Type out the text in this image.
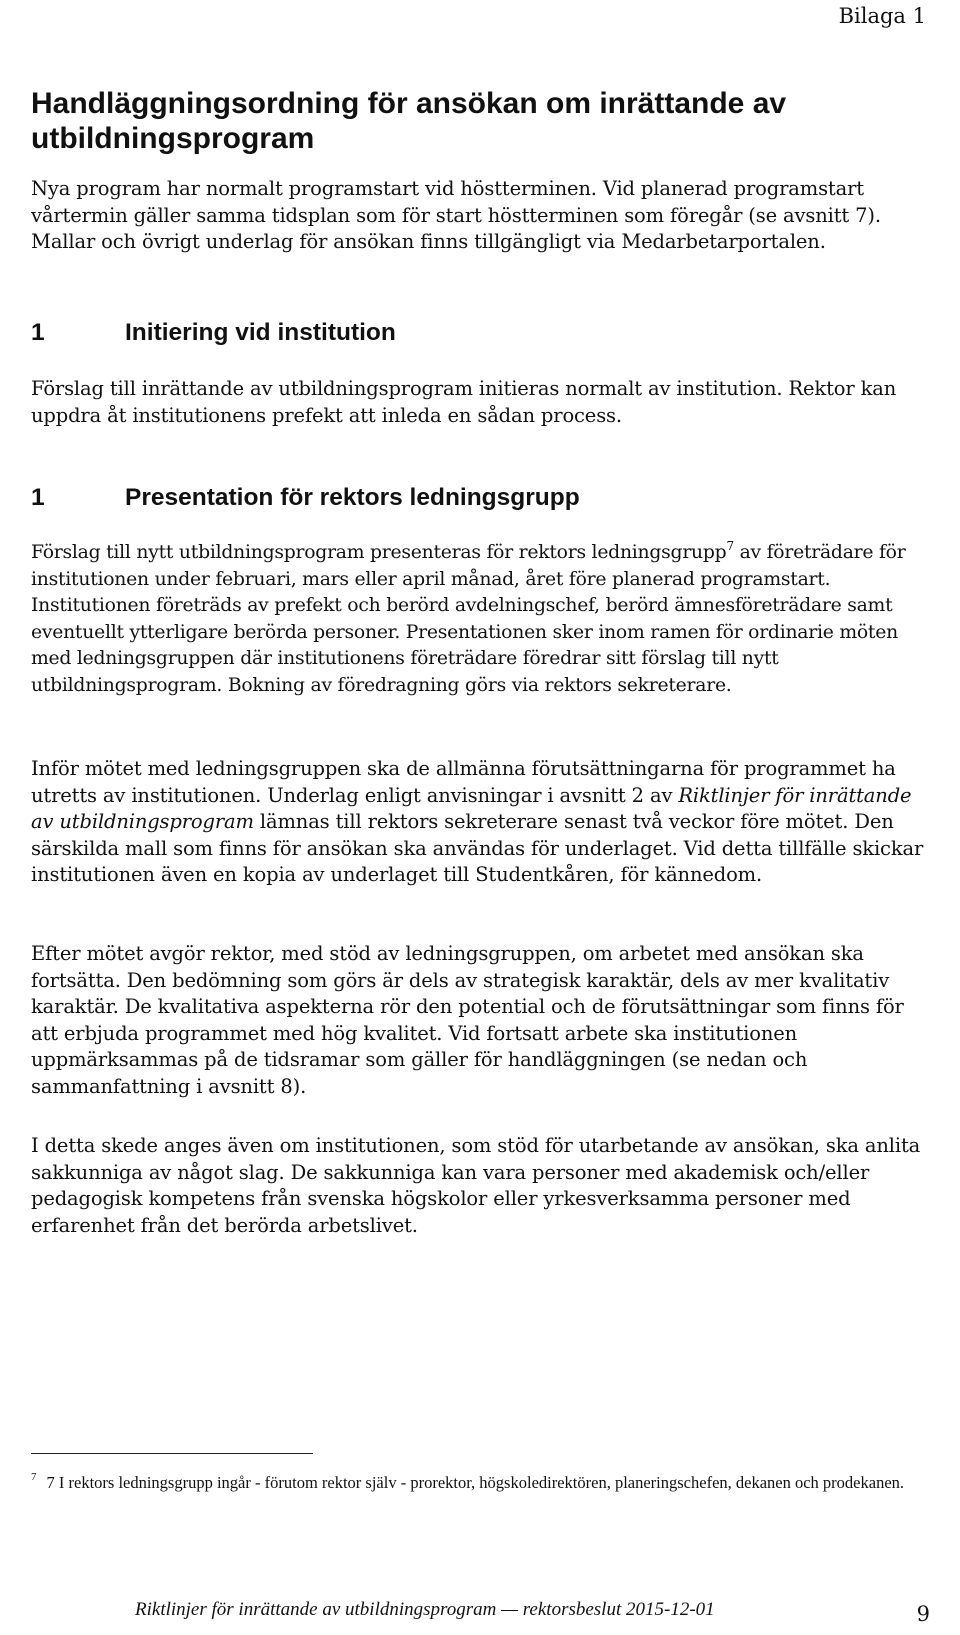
Bilaga 1
Handläggningsordning för ansökan om inrättande av utbildningsprogram

Nya program har normalt programstart vid höstterminen. Vid planerad programstart vårtermin gäller samma tidsplan som för start höstterminen som föregår (se avsnitt 7). Mallar och övrigt underlag för ansökan finns tillgängligt via Medarbetarportalen.

1	Initiering vid institution

Förslag till inrättande av utbildningsprogram initieras normalt av institution. Rektor kan uppdra åt institutionens prefekt att inleda en sådan process.

1	Presentation för rektors ledningsgrupp

Förslag till nytt utbildningsprogram presenteras för rektors ledningsgrupp$^7$ av företrädare för institutionen under februari, mars eller april månad, året före planerad programstart. Institutionen företräds av prefekt och berörd avdelningschef, berörd ämnesföreträdare samt eventuellt ytterligare berörda personer. Presentationen sker inom ramen för ordinarie möten med ledningsgruppen där institutionens företrädare föredrar sitt förslag till nytt utbildningsprogram. Bokning av föredragning görs via rektors sekreterare.

Inför mötet med ledningsgruppen ska de allmänna förutsättningarna för programmet ha utretts av institutionen. Underlag enligt anvisningar i avsnitt 2 av Riktlinjer för inrättande av utbildningsprogram lämnas till rektors sekreterare senast två veckor före mötet. Den särskilda mall som finns för ansökan ska användas för underlaget. Vid detta tillfälle skickar institutionen även en kopia av underlaget till Studentkåren, för kännedom.

Efter mötet avgör rektor, med stöd av ledningsgruppen, om arbetet med ansökan ska fortsätta. Den bedömning som görs är dels av strategisk karaktär, dels av mer kvalitativ karaktär. De kvalitativa aspekterna rör den potential och de förutsättningar som finns för att erbjuda programmet med hög kvalitet. Vid fortsatt arbete ska institutionen uppmärksammas på de tidsramar som gäller för handläggningen (se nedan och sammanfattning i avsnitt 8).

I detta skede anges även om institutionen, som stöd för utarbetande av ansökan, ska anlita sakkunniga av något slag. De sakkunniga kan vara personer med akademisk och/eller pedagogisk kompetens från svenska högskolor eller yrkesverksamma personer med erfarenhet från det berörda arbetslivet.

$^7$ 7 I rektors ledningsgrupp ingår - förutom rektor själv - prorektor, högskoledirektören, planeringschefen, dekanen och prodekanen.

Riktlinjer för inrättande av utbildningsprogram — rektorsbeslut 2015-12-01	9
